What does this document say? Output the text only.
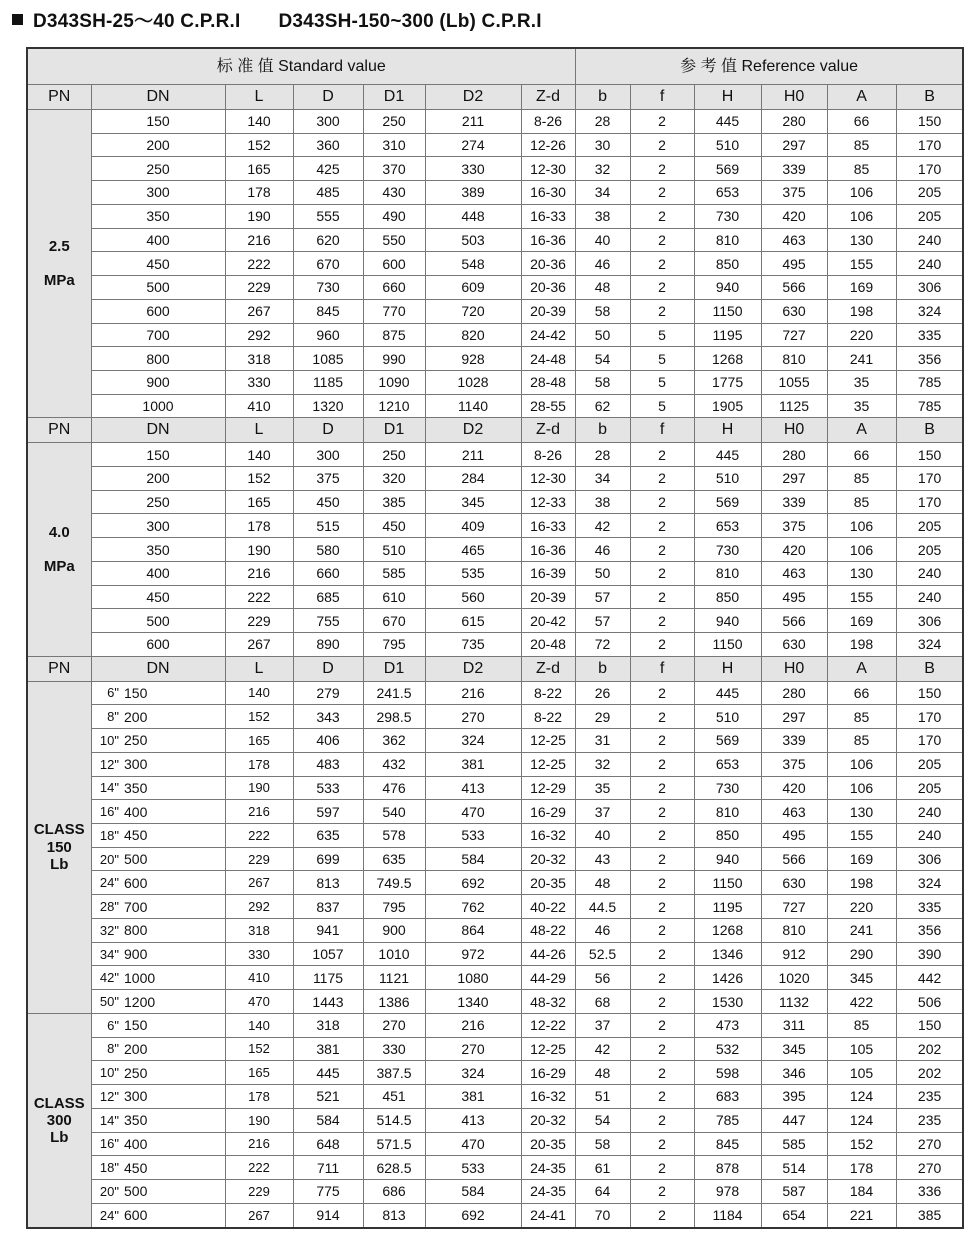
D343SH-25～40 C.P.R.I D343SH-150~300 (Lb) C.P.R.I
标 准 值 Standard value								参 考 值 Reference value						
PN	DN		L	D	D1	D2	Z-d	b	f	H	H0	A	B	
2.5

MPa	150		140	300	250	211	8-26	28	2	445	280	66	150	
	200		152	360	310	274	12-26	30	2	510	297	85	170	
	250		165	425	370	330	12-30	32	2	569	339	85	170	
	300		178	485	430	389	16-30	34	2	653	375	106	205	
	350		190	555	490	448	16-33	38	2	730	420	106	205	
	400		216	620	550	503	16-36	40	2	810	463	130	240	
	450		222	670	600	548	20-36	46	2	850	495	155	240	
	500		229	730	660	609	20-36	48	2	940	566	169	306	
	600		267	845	770	720	20-39	58	2	1150	630	198	324	
	700		292	960	875	820	24-42	50	5	1195	727	220	335	
	800		318	1085	990	928	24-48	54	5	1268	810	241	356	
	900		330	1185	1090	1028	28-48	58	5	1775	1055	35	785	
	1000		410	1320	1210	1140	28-55	62	5	1905	1125	35	785	
PN	DN		L	D	D1	D2	Z-d	b	f	H	H0	A	B	
4.0

MPa	150		140	300	250	211	8-26	28	2	445	280	66	150	
	200		152	375	320	284	12-30	34	2	510	297	85	170	
	250		165	450	385	345	12-33	38	2	569	339	85	170	
	300		178	515	450	409	16-33	42	2	653	375	106	205	
	350		190	580	510	465	16-36	46	2	730	420	106	205	
	400		216	660	585	535	16-39	50	2	810	463	130	240	
	450		222	685	610	560	20-39	57	2	850	495	155	240	
	500		229	755	670	615	20-42	57	2	940	566	169	306	
	600		267	890	795	735	20-48	72	2	1150	630	198	324	
PN	DN		L	D	D1	D2	Z-d	b	f	H	H0	A	B	
CLASS
150
Lb	6"	150	140	279	241.5	216	8-22	26	2	445	280	66	150	
	8"	200	152	343	298.5	270	8-22	29	2	510	297	85	170	
	10"	250	165	406	362	324	12-25	31	2	569	339	85	170	
	12"	300	178	483	432	381	12-25	32	2	653	375	106	205	
	14"	350	190	533	476	413	12-29	35	2	730	420	106	205	
	16"	400	216	597	540	470	16-29	37	2	810	463	130	240	
	18"	450	222	635	578	533	16-32	40	2	850	495	155	240	
	20"	500	229	699	635	584	20-32	43	2	940	566	169	306	
	24"	600	267	813	749.5	692	20-35	48	2	1150	630	198	324	
	28"	700	292	837	795	762	40-22	44.5	2	1195	727	220	335	
	32"	800	318	941	900	864	48-22	46	2	1268	810	241	356	
	34"	900	330	1057	1010	972	44-26	52.5	2	1346	912	290	390	
	42"	1000	410	1175	1121	1080	44-29	56	2	1426	1020	345	442	
	50"	1200	470	1443	1386	1340	48-32	68	2	1530	1132	422	506	
CLASS
300
Lb	6"	150	140	318	270	216	12-22	37	2	473	311	85	150	
	8"	200	152	381	330	270	12-25	42	2	532	345	105	202	
	10"	250	165	445	387.5	324	16-29	48	2	598	346	105	202	
	12"	300	178	521	451	381	16-32	51	2	683	395	124	235	
	14"	350	190	584	514.5	413	20-32	54	2	785	447	124	235	
	16"	400	216	648	571.5	470	20-35	58	2	845	585	152	270	
	18"	450	222	711	628.5	533	24-35	61	2	878	514	178	270	
	20"	500	229	775	686	584	24-35	64	2	978	587	184	336	
	24"	600	267	914	813	692	24-41	70	2	1184	654	221	385	
